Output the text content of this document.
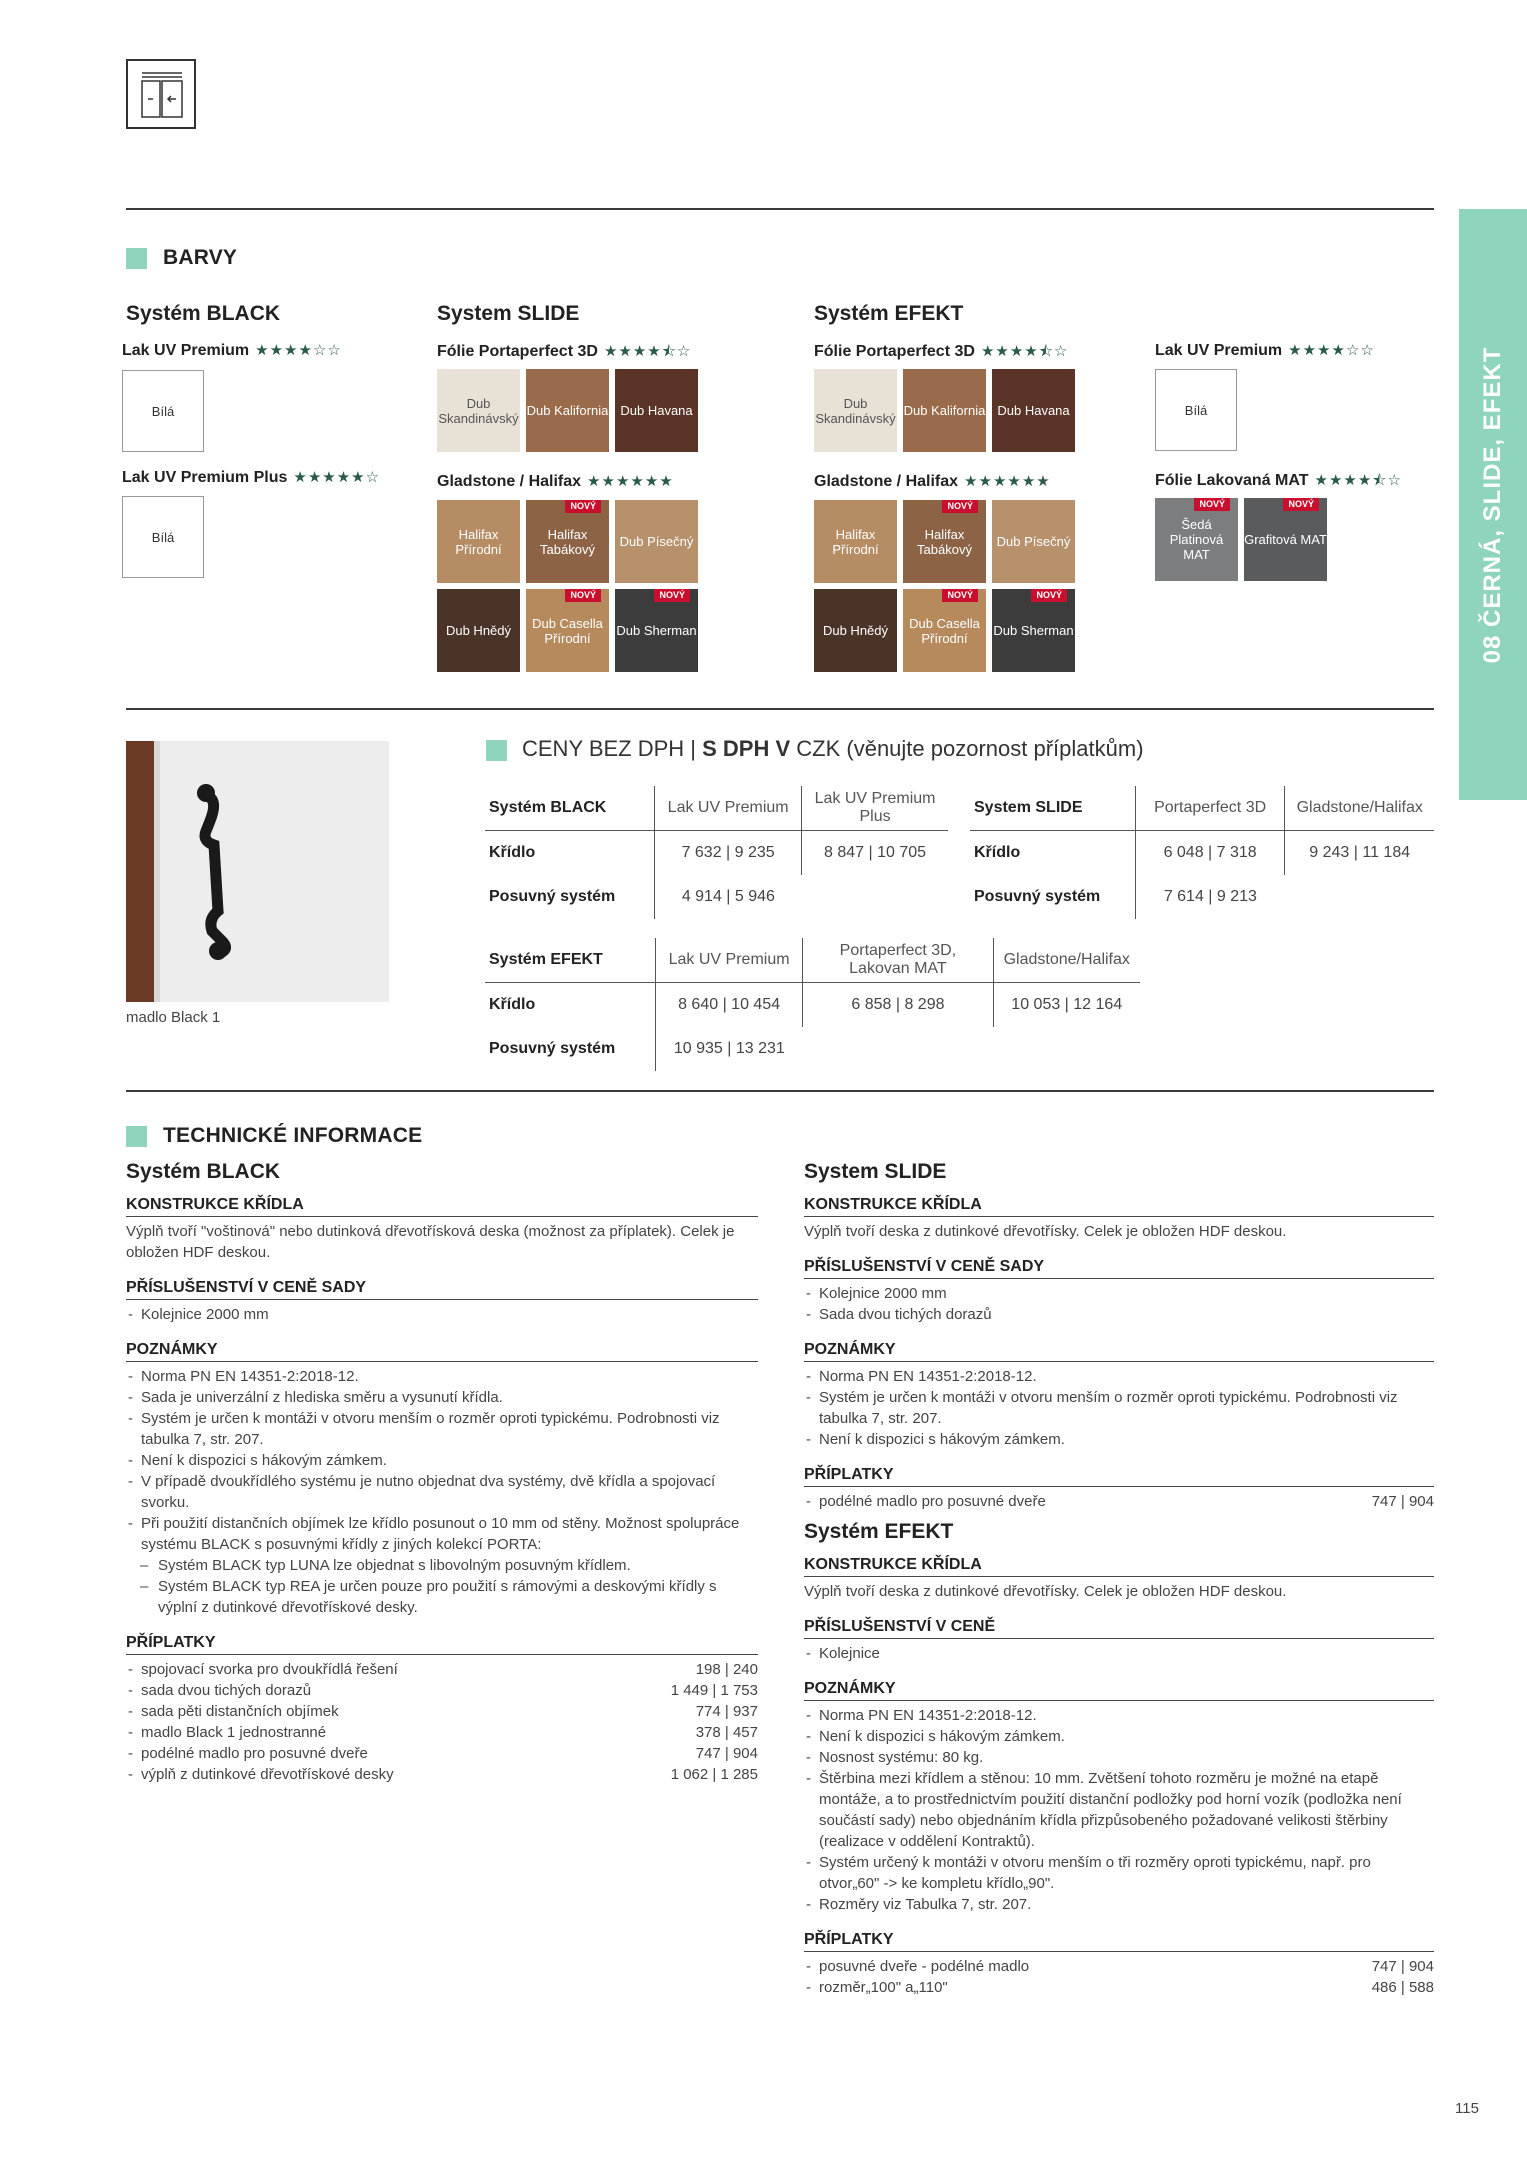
08 ČERNÁ, SLIDE, EFEKT
BARVY
Systém BLACK
Lak UV Premium ★★★★☆☆
Bílá
Lak UV Premium Plus ★★★★★☆
Bílá
System SLIDE
Fólie Portaperfect 3D ★★★★⯪☆
Dub Skandinávský Dub Kalifornia Dub Havana
Gladstone / Halifax ★★★★★★
Halifax Přírodní
Halifax Tabákový
NOVÝ
Dub Písečný
Dub Hnědý	Dub Casella Přírodní
NOVÝ
Dub Sherman
NOVÝ
Systém EFEKT
Fólie Portaperfect 3D ★★★★⯪☆
Dub Skandinávský Dub Kalifornia Dub Havana
Gladstone / Halifax ★★★★★★
Halifax Přírodní
Halifax Tabákový
NOVÝ
Dub Písečný
Dub Hnědý	Dub Casella Přírodní
NOVÝ
Dub Sherman
NOVÝ
Lak UV Premium ★★★★☆☆
Bílá
Fólie Lakovaná MAT ★★★★⯪☆
Šedá Platinová MAT
NOVÝ
Grafitová MAT
NOVÝ
madlo Black 1
CENY BEZ DPH | S DPH V CZK (věnujte pozornost příplatkům)
Systém BLACK	Lak UV Premium	Lak UV Premium Plus
Křídlo	7 632 | 9 235	8 847 | 10 705
Posuvný systém	4 914 | 5 946	
System SLIDE	Portaperfect 3D	Gladstone/Halifax
Křídlo	6 048 | 7 318	9 243 | 11 184
Posuvný systém	7 614 | 9 213	
Systém EFEKT	Lak UV Premium	Portaperfect 3D, Lakovan MAT	Gladstone/Halifax
Křídlo	8 640 | 10 454	6 858 | 8 298	10 053 | 12 164
Posuvný systém	10 935 | 13 231		
TECHNICKÉ INFORMACE
Systém BLACK
KONSTRUKCE KŘÍDLA
Výplň tvoří "voštinová" nebo dutinková dřevotřísková deska (možnost za příplatek). Celek je obložen HDF deskou.
PŘÍSLUŠENSTVÍ V CENĚ SADY
- Kolejnice 2000 mm
POZNÁMKY
- Norma PN EN 14351-2:2018-12.
- Sada je univerzální z hlediska směru a vysunutí křídla.
- Systém je určen k montáži v otvoru menším o rozměr oproti typickému. Podrobnosti viz tabulka 7, str. 207.
- Není k dispozici s hákovým zámkem.
- V případě dvoukřídlého systému je nutno objednat dva systémy, dvě křídla a spojovací svorku.
- Při použití distančních objímek lze křídlo posunout o 10 mm od stěny. Možnost spolupráce systému BLACK s posuvnými křídly z jiných kolekcí PORTA:
– Systém BLACK typ LUNA lze objednat s libovolným posuvným křídlem.
– Systém BLACK typ REA je určen pouze pro použití s rámovými a deskovými křídly s výplní z dutinkové dřevotřískové desky.
PŘÍPLATKY
- spojovací svorka pro dvoukřídlá řešení	198 | 240
- sada dvou tichých dorazů	1 449 | 1 753
- sada pěti distančních objímek	774 | 937
- madlo Black 1 jednostranné	378 | 457
- podélné madlo pro posuvné dveře	747 | 904
- výplň z dutinkové dřevotřískové desky	1 062 | 1 285
System SLIDE
KONSTRUKCE KŘÍDLA
Výplň tvoří deska z dutinkové dřevotřísky. Celek je obložen HDF deskou.
PŘÍSLUŠENSTVÍ V CENĚ SADY
- Kolejnice 2000 mm
- Sada dvou tichých dorazů
POZNÁMKY
- Norma PN EN 14351-2:2018-12.
- Systém je určen k montáži v otvoru menším o rozměr oproti typickému. Podrobnosti viz tabulka 7, str. 207.
- Není k dispozici s hákovým zámkem.
PŘÍPLATKY
- podélné madlo pro posuvné dveře	747 | 904
Systém EFEKT
KONSTRUKCE KŘÍDLA
Výplň tvoří deska z dutinkové dřevotřísky. Celek je obložen HDF deskou.
PŘÍSLUŠENSTVÍ V CENĚ
- Kolejnice
POZNÁMKY
- Norma PN EN 14351-2:2018-12.
- Není k dispozici s hákovým zámkem.
- Nosnost systému: 80 kg.
- Štěrbina mezi křídlem a stěnou: 10 mm. Zvětšení tohoto rozměru je možné na etapě montáže, a to prostřednictvím použití distanční podložky pod horní vozík (podložka není součástí sady) nebo objednáním křídla přizpůsobeného požadované velikosti štěrbiny (realizace v oddělení Kontraktů).
- Systém určený k montáži v otvoru menším o tři rozměry oproti typickému, např. pro otvor„60" -> ke kompletu křídlo„90".
- Rozměry viz Tabulka 7, str. 207.
PŘÍPLATKY
- posuvné dveře - podélné madlo	747 | 904
- rozměr„100" a„110"	486 | 588
115
